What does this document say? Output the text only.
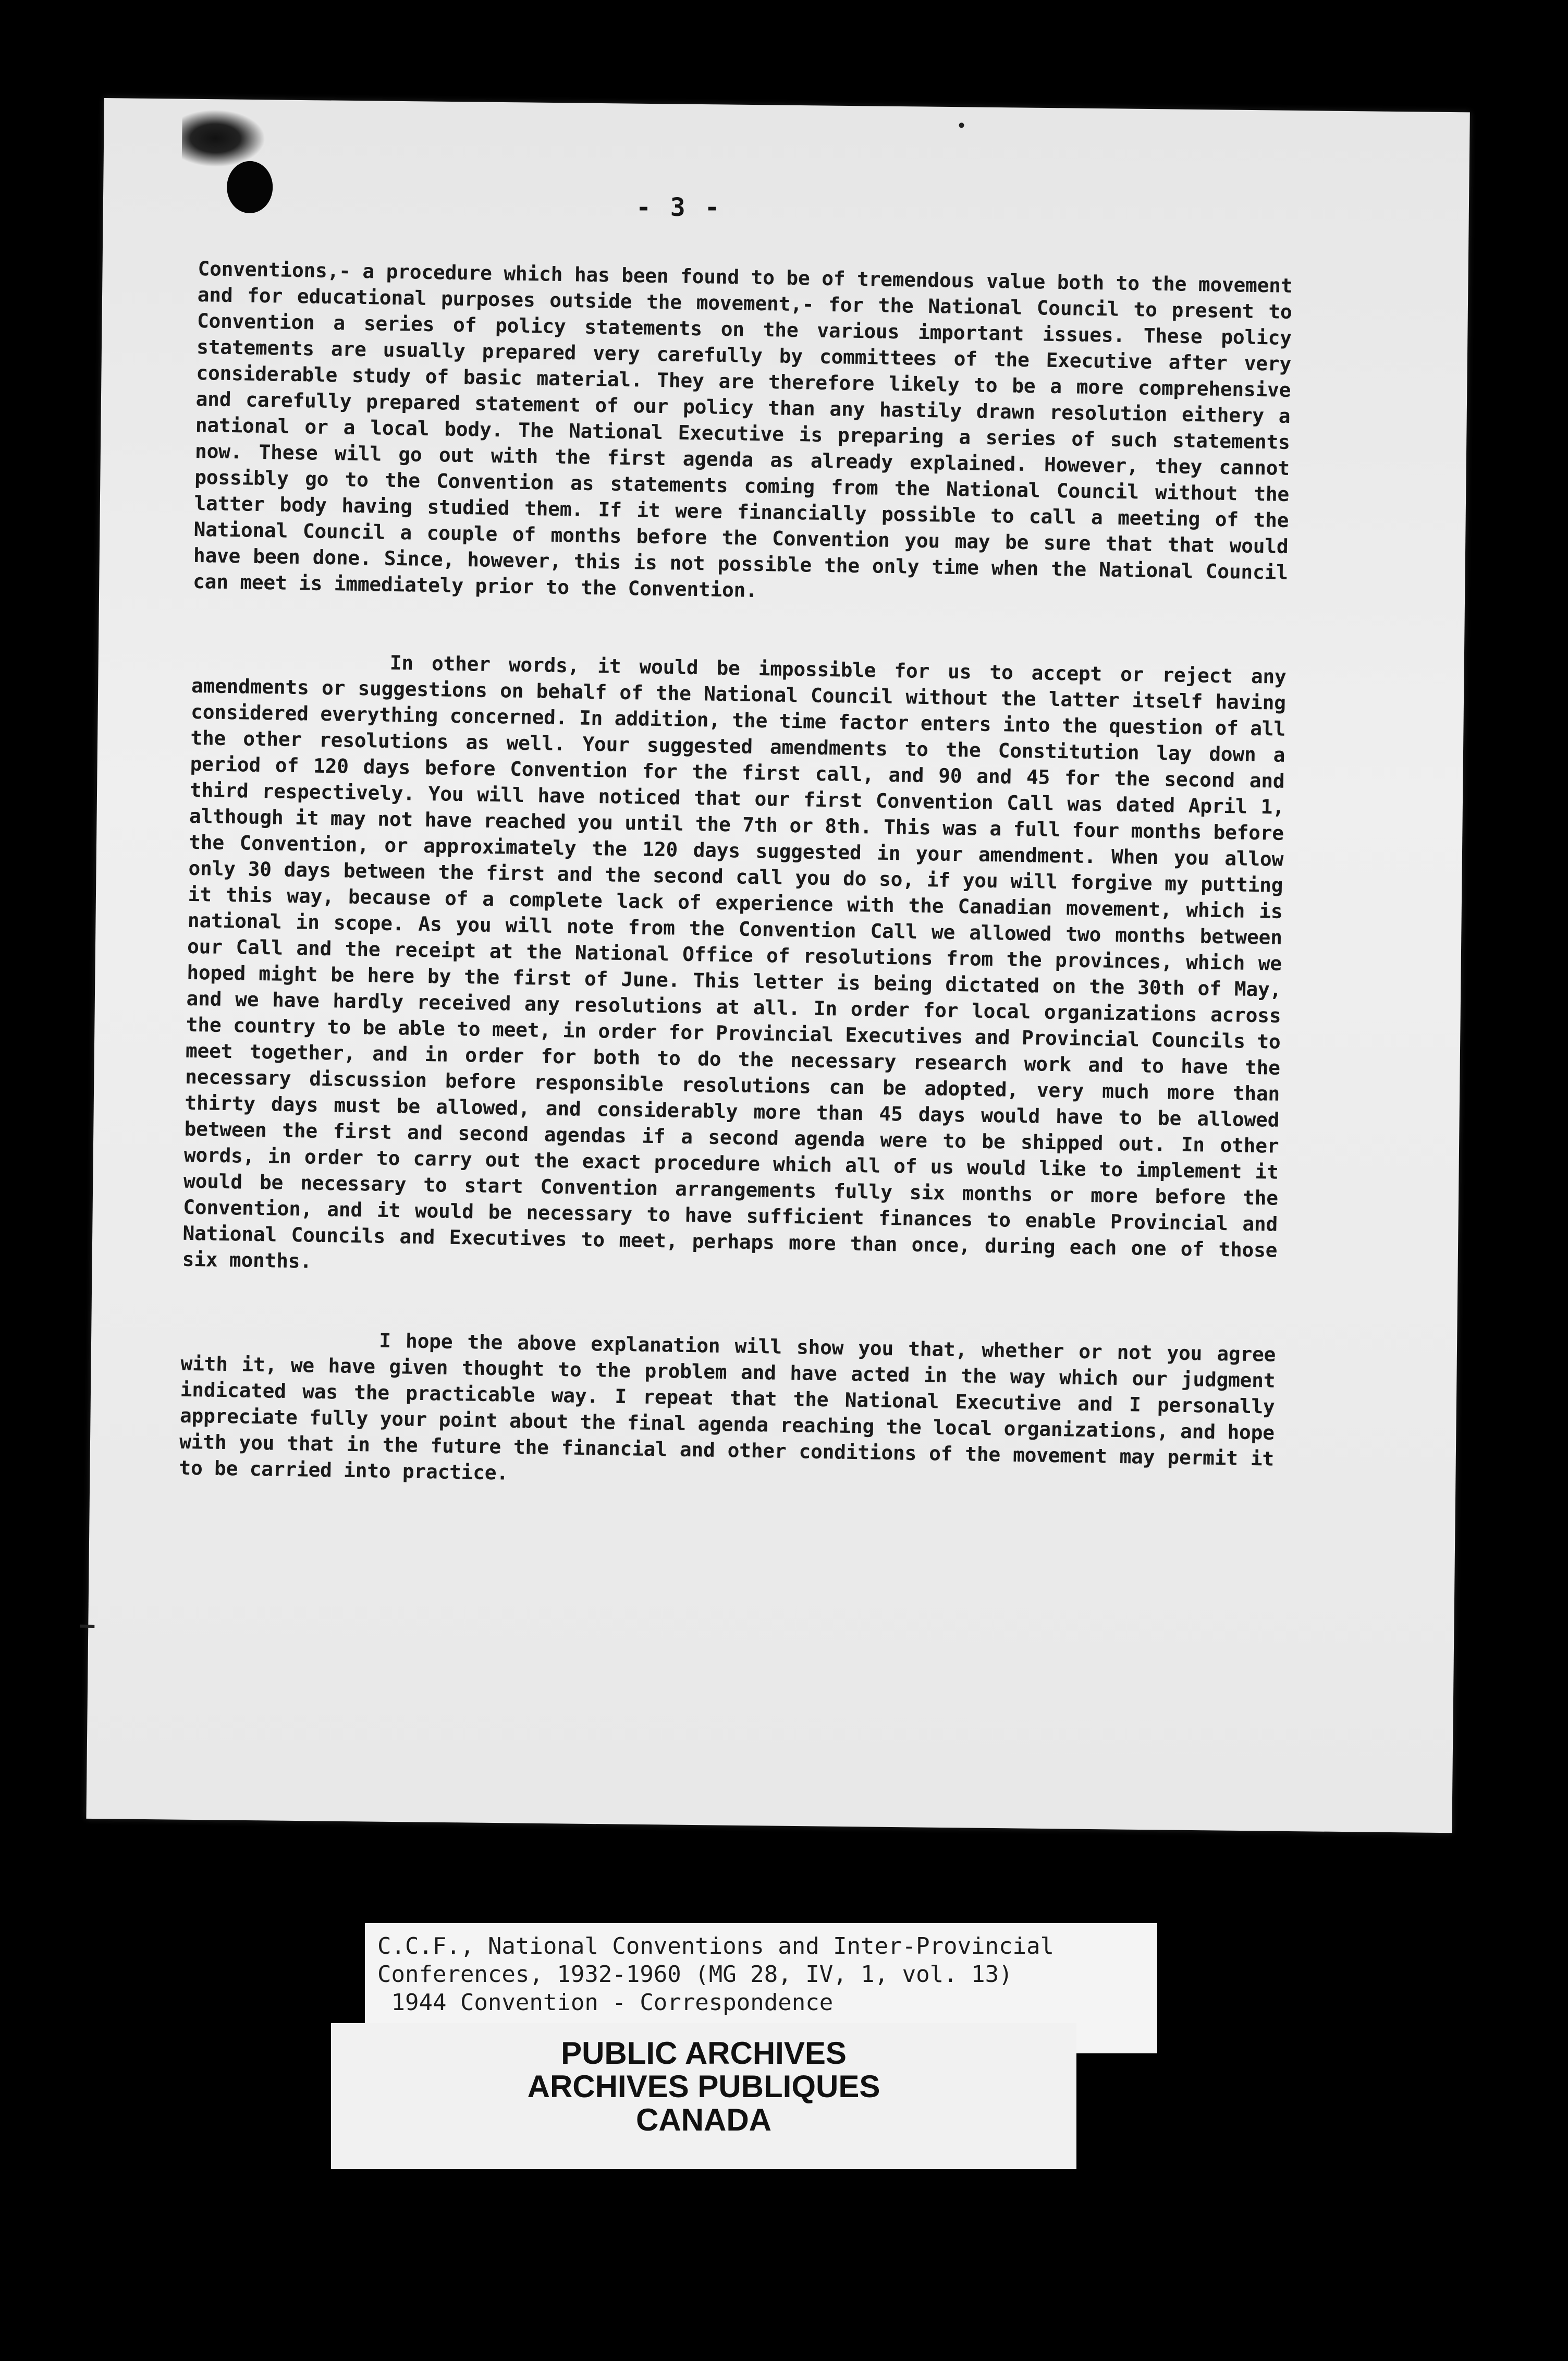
- 3 -

Conventions,- a procedure which has been found to be of tremendous value both to the movement and for educational purposes outside the movement,- for the National Council to present to Convention a series of policy statements on the various important issues. These policy statements are usually prepared very carefully by committees of the Executive after very considerable study of basic material. They are therefore likely to be a more comprehensive and carefully prepared statement of our policy than any hastily drawn resolution eithery a national or a local body. The National Executive is preparing a series of such statements now. These will go out with the first agenda as already explained. However, they cannot possibly go to the Convention as statements coming from the National Council without the latter body having studied them. If it were financially possible to call a meeting of the National Council a couple of months before the Convention you may be sure that that would have been done. Since, however, this is not possible the only time when the National Council can meet is immediately prior to the Convention.

In other words, it would be impossible for us to accept or reject any amendments or suggestions on behalf of the National Council without the latter itself having considered everything concerned. In addition, the time factor enters into the question of all the other resolutions as well. Your suggested amendments to the Constitution lay down a period of 120 days before Convention for the first call, and 90 and 45 for the second and third respectively. You will have noticed that our first Convention Call was dated April 1, although it may not have reached you until the 7th or 8th. This was a full four months before the Convention, or approximately the 120 days suggested in your amendment. When you allow only 30 days between the first and the second call you do so, if you will forgive my putting it this way, because of a complete lack of experience with the Canadian movement, which is national in scope. As you will note from the Convention Call we allowed two months between our Call and the receipt at the National Office of resolutions from the provinces, which we hoped might be here by the first of June. This letter is being dictated on the 30th of May, and we have hardly received any resolutions at all. In order for local organizations across the country to be able to meet, in order for Provincial Executives and Provincial Councils to meet together, and in order for both to do the necessary research work and to have the necessary discussion before responsible resolutions can be adopted, very much more than thirty days must be allowed, and considerably more than 45 days would have to be allowed between the first and second agendas if a second agenda were to be shipped out. In other words, in order to carry out the exact procedure which all of us would like to implement it would be necessary to start Convention arrangements fully six months or more before the Convention, and it would be necessary to have sufficient finances to enable Provincial and National Councils and Executives to meet, perhaps more than once, during each one of those six months.

I hope the above explanation will show you that, whether or not you agree with it, we have given thought to the problem and have acted in the way which our judgment indicated was the practicable way. I repeat that the National Executive and I personally appreciate fully your point about the final agenda reaching the local organizations, and hope with you that in the future the financial and other conditions of the movement may permit it to be carried into practice.

C.C.F., National Conventions and Inter-Provincial
Conferences, 1932-1960 (MG 28, IV, 1, vol. 13)
1944 Convention - Correspondence
PUBLIC ARCHIVES
ARCHIVES PUBLIQUES
CANADA
